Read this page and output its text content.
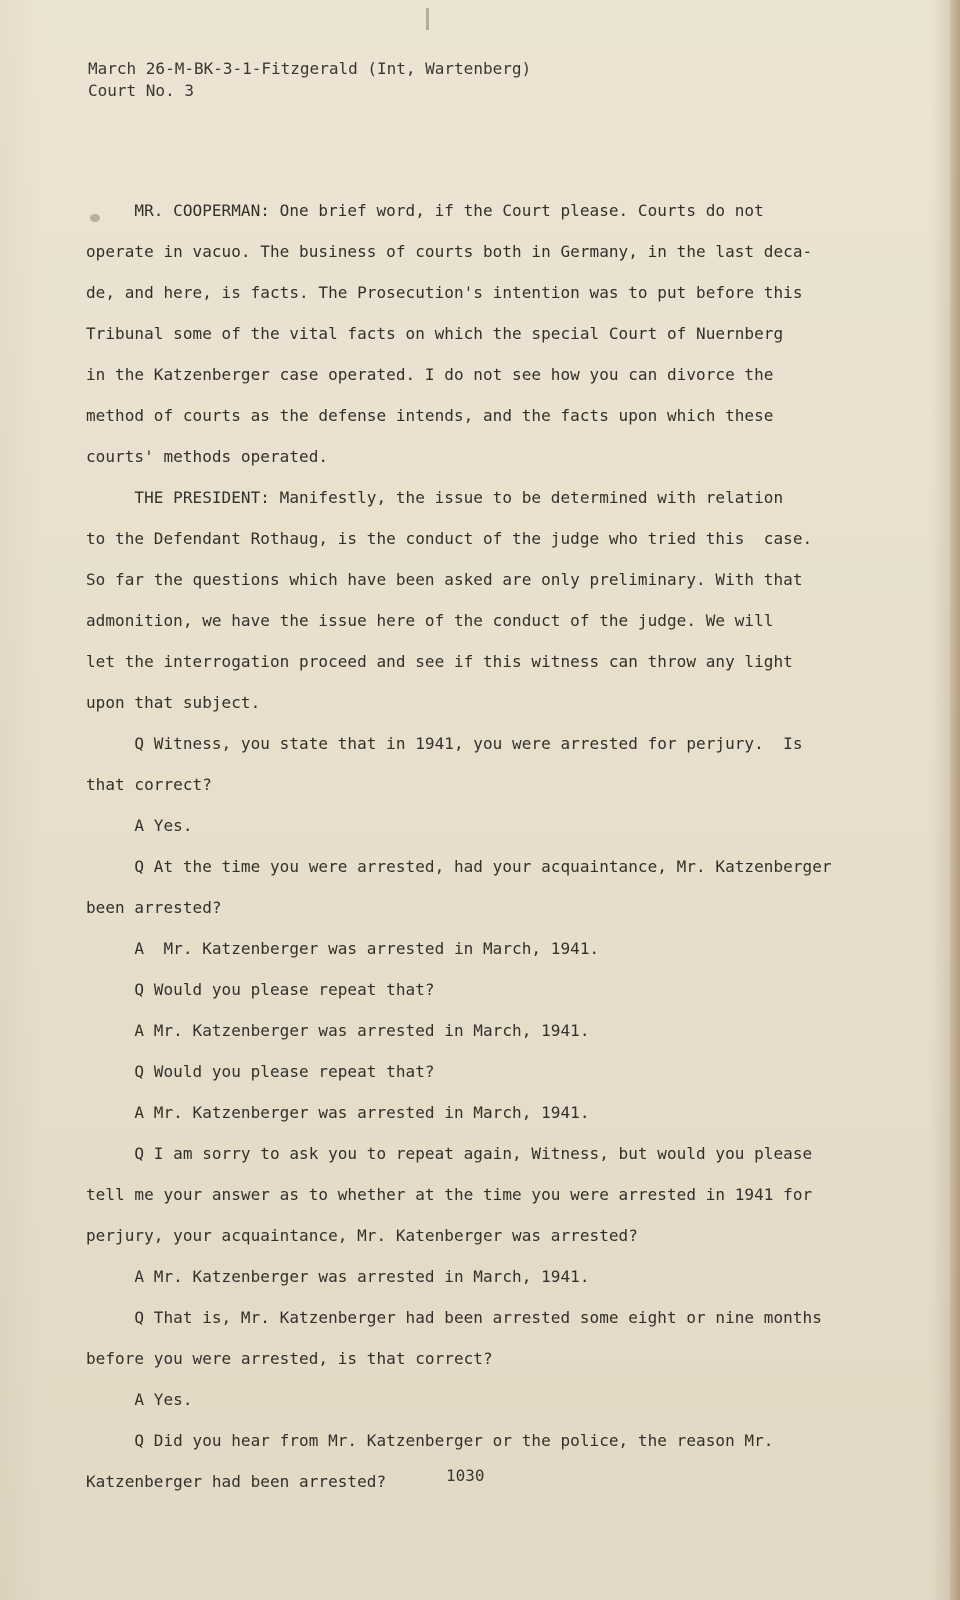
March 26-M-BK-3-1-Fitzgerald (Int, Wartenberg)
Court No. 3
MR. COOPERMAN: One brief word, if the Court please. Courts do not
operate in vacuo. The business of courts both in Germany, in the last deca-
de, and here, is facts. The Prosecution's intention was to put before this
Tribunal some of the vital facts on which the special Court of Nuernberg
in the Katzenberger case operated. I do not see how you can divorce the
method of courts as the defense intends, and the facts upon which these
courts' methods operated.
THE PRESIDENT: Manifestly, the issue to be determined with relation
to the Defendant Rothaug, is the conduct of the judge who tried this  case.
So far the questions which have been asked are only preliminary. With that
admonition, we have the issue here of the conduct of the judge. We will
let the interrogation proceed and see if this witness can throw any light
upon that subject.
Q Witness, you state that in 1941, you were arrested for perjury.  Is
that correct?
A Yes.
Q At the time you were arrested, had your acquaintance, Mr. Katzenberger
been arrested?
A  Mr. Katzenberger was arrested in March, 1941.
Q Would you please repeat that?
A Mr. Katzenberger was arrested in March, 1941.
Q Would you please repeat that?
A Mr. Katzenberger was arrested in March, 1941.
Q I am sorry to ask you to repeat again, Witness, but would you please
tell me your answer as to whether at the time you were arrested in 1941 for
perjury, your acquaintance, Mr. Katenberger was arrested?
A Mr. Katzenberger was arrested in March, 1941.
Q That is, Mr. Katzenberger had been arrested some eight or nine months
before you were arrested, is that correct?
A Yes.
Q Did you hear from Mr. Katzenberger or the police, the reason Mr.
Katzenberger had been arrested?	1030
